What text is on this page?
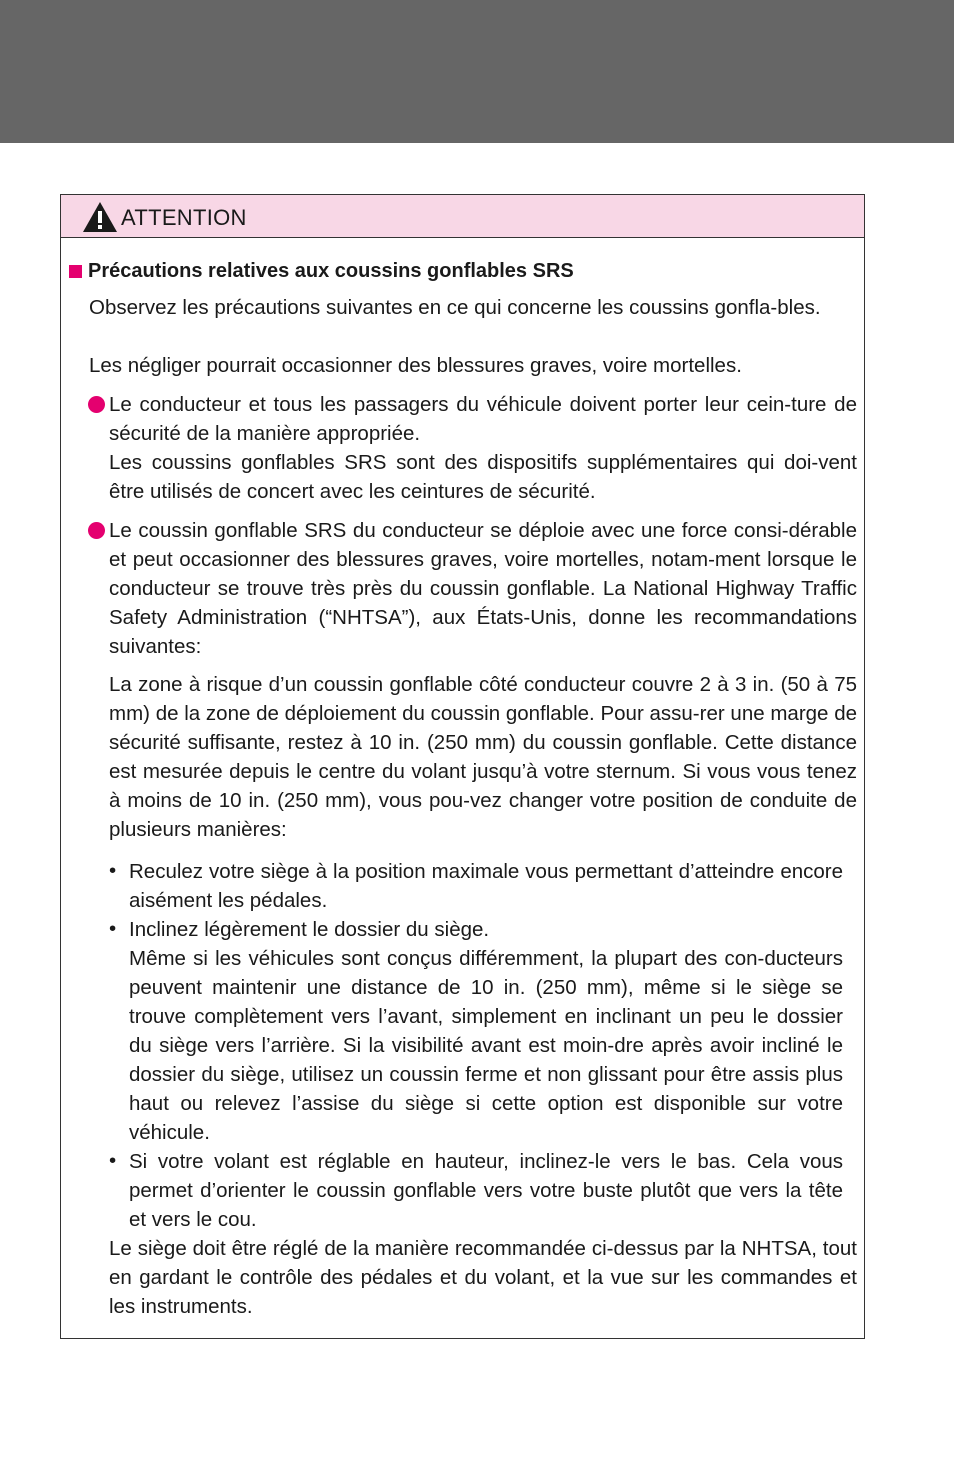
ATTENTION
Précautions relatives aux coussins gonflables SRS
Observez les précautions suivantes en ce qui concerne les coussins gonfla-bles.
Les négliger pourrait occasionner des blessures graves, voire mortelles.
Le conducteur et tous les passagers du véhicule doivent porter leur cein-ture de sécurité de la manière appropriée.
Les coussins gonflables SRS sont des dispositifs supplémentaires qui doi-vent être utilisés de concert avec les ceintures de sécurité.
Le coussin gonflable SRS du conducteur se déploie avec une force consi-dérable et peut occasionner des blessures graves, voire mortelles, notam-ment lorsque le conducteur se trouve très près du coussin gonflable. La National Highway Traffic Safety Administration (“NHTSA”), aux États-Unis, donne les recommandations suivantes:
La zone à risque d’un coussin gonflable côté conducteur couvre 2 à 3 in. (50 à 75 mm) de la zone de déploiement du coussin gonflable. Pour assu-rer une marge de sécurité suffisante, restez à 10 in. (250 mm) du coussin gonflable. Cette distance est mesurée depuis le centre du volant jusqu’à votre sternum. Si vous vous tenez à moins de 10 in. (250 mm), vous pou-vez changer votre position de conduite de plusieurs manières:
• Reculez votre siège à la position maximale vous permettant d’atteindre encore aisément les pédales.
• Inclinez légèrement le dossier du siège.
Même si les véhicules sont conçus différemment, la plupart des con-ducteurs peuvent maintenir une distance de 10 in. (250 mm), même si le siège se trouve complètement vers l’avant, simplement en inclinant un peu le dossier du siège vers l’arrière. Si la visibilité avant est moin-dre après avoir incliné le dossier du siège, utilisez un coussin ferme et non glissant pour être assis plus haut ou relevez l’assise du siège si cette option est disponible sur votre véhicule.
• Si votre volant est réglable en hauteur, inclinez-le vers le bas. Cela vous permet d’orienter le coussin gonflable vers votre buste plutôt que vers la tête et vers le cou.
Le siège doit être réglé de la manière recommandée ci-dessus par la NHTSA, tout en gardant le contrôle des pédales et du volant, et la vue sur les commandes et les instruments.
